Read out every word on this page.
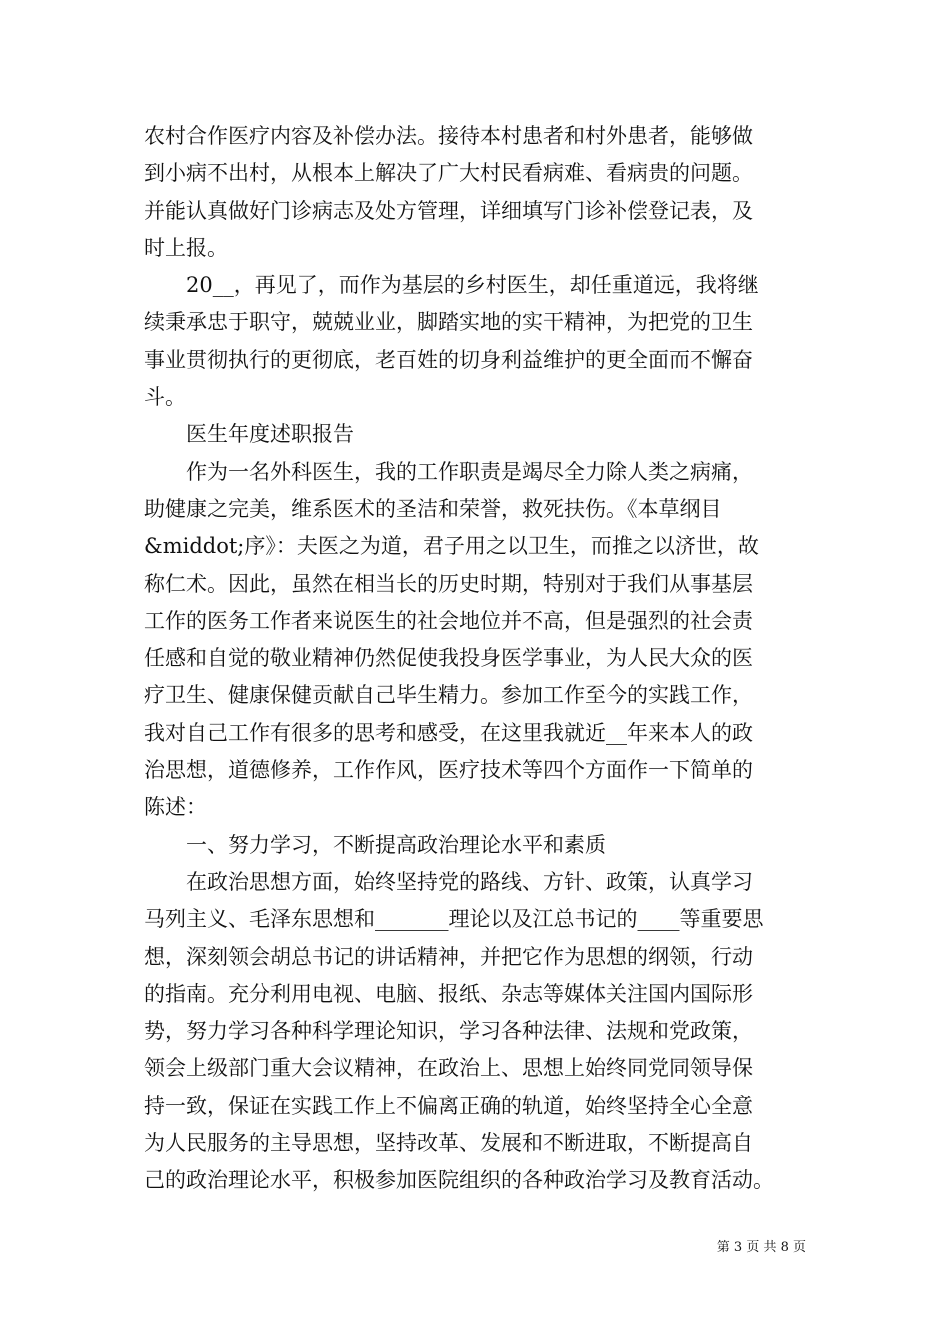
农村合作医疗内容及补偿办法。接待本村患者和村外患者，能够做
到小病不出村，从根本上解决了广大村民看病难、看病贵的问题。
并能认真做好门诊病志及处方管理，详细填写门诊补偿登记表，及
时上报。
　　20__，再见了，而作为基层的乡村医生，却任重道远，我将继
续秉承忠于职守，兢兢业业，脚踏实地的实干精神，为把党的卫生
事业贯彻执行的更彻底，老百姓的切身利益维护的更全面而不懈奋
斗。
　　医生年度述职报告
　　作为一名外科医生，我的工作职责是竭尽全力除人类之病痛，
助健康之完美，维系医术的圣洁和荣誉，救死扶伤。《本草纲目
&middot;序》：夫医之为道，君子用之以卫生，而推之以济世，故
称仁术。因此，虽然在相当长的历史时期，特别对于我们从事基层
工作的医务工作者来说医生的社会地位并不高，但是强烈的社会责
任感和自觉的敬业精神仍然促使我投身医学事业，为人民大众的医
疗卫生、健康保健贡献自己毕生精力。参加工作至今的实践工作，
我对自己工作有很多的思考和感受，在这里我就近__年来本人的政
治思想，道德修养，工作作风，医疗技术等四个方面作一下简单的
陈述：
　　一、努力学习，不断提高政治理论水平和素质
　　在政治思想方面，始终坚持党的路线、方针、政策，认真学习
马列主义、毛泽东思想和_______理论以及江总书记的____等重要思
想，深刻领会胡总书记的讲话精神，并把它作为思想的纲领，行动
的指南。充分利用电视、电脑、报纸、杂志等媒体关注国内国际形
势，努力学习各种科学理论知识，学习各种法律、法规和党政策，
领会上级部门重大会议精神，在政治上、思想上始终同党同领导保
持一致，保证在实践工作上不偏离正确的轨道，始终坚持全心全意
为人民服务的主导思想，坚持改革、发展和不断进取，不断提高自
己的政治理论水平，积极参加医院组织的各种政治学习及教育活动。
第 3 页 共 8 页
